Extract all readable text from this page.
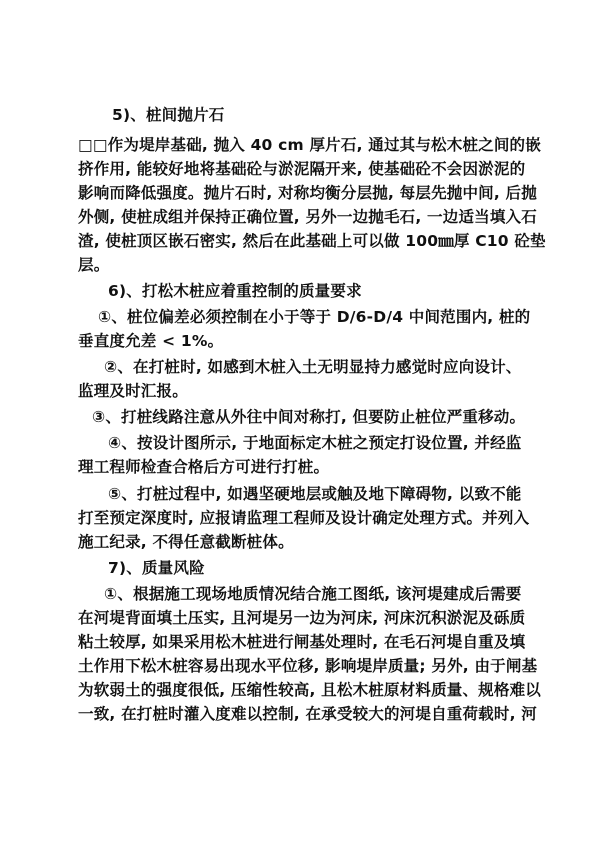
5)、桩间抛片石
□□作为堤岸基础, 抛入 40 cm 厚片石, 通过其与松木桩之间的嵌
挤作用, 能较好地将基础砼与淤泥隔开来, 使基础砼不会因淤泥的
影响而降低强度。抛片石时, 对称均衡分层抛, 每层先抛中间, 后抛
外侧, 使桩成组并保持正确位置, 另外一边抛毛石, 一边适当填入石
渣, 使桩顶区嵌石密实, 然后在此基础上可以做 100㎜厚 C10 砼垫
层。
6)、打松木桩应着重控制的质量要求
①、桩位偏差必须控制在小于等于 D/6-D/4 中间范围内, 桩的
垂直度允差 < 1%。
②、在打桩时, 如感到木桩入土无明显持力感觉时应向设计、
监理及时汇报。
③、打桩线路注意从外往中间对称打, 但要防止桩位严重移动。
④、按设计图所示, 于地面标定木桩之预定打设位置, 并经监
理工程师检查合格后方可进行打桩。
⑤、打桩过程中, 如遇坚硬地层或触及地下障碍物, 以致不能
打至预定深度时, 应报请监理工程师及设计确定处理方式。并列入
施工纪录, 不得任意截断桩体。
7)、质量风险
①、根据施工现场地质情况结合施工图纸, 该河堤建成后需要
在河堤背面填土压实, 且河堤另一边为河床, 河床沉积淤泥及砾质
粘土较厚, 如果采用松木桩进行闸基处理时, 在毛石河堤自重及填
土作用下松木桩容易出现水平位移, 影响堤岸质量; 另外, 由于闸基
为软弱土的强度很低, 压缩性较高, 且松木桩原材料质量、规格难以
一致, 在打桩时灌入度难以控制, 在承受较大的河堤自重荷载时, 河
